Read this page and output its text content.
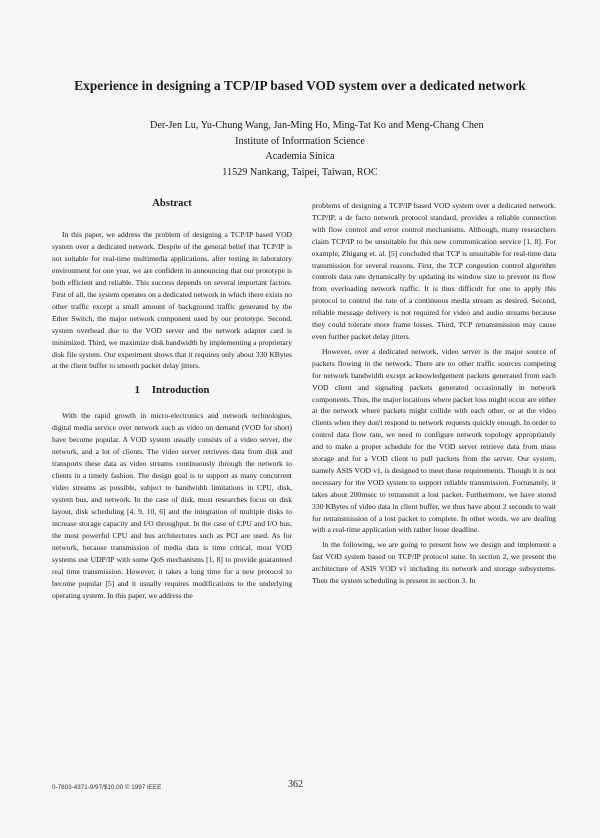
Experience in designing a TCP/IP based VOD system over a dedicated network
Der-Jen Lu, Yu-Chung Wang, Jan-Ming Ho, Ming-Tat Ko and Meng-Chang Chen
Institute of Information Science
Academia Sinica
11529 Nankang, Taipei, Taiwan, ROC
Abstract

In this paper, we address the problem of designing a TCP/IP based VOD system over a dedicated network. Despite of the general belief that TCP/IP is not suitable for real-time multimedia applications, after testing in laboratory environment for one year, we are confident in announcing that our prototype is both efficient and reliable. This success depends on several important factors. First of all, the system operates on a dedicated network in which there exists no other traffic except a small amount of background traffic generated by the Ether Switch, the major network component used by our prototype. Second, system overhead due to the VOD server and the network adapter card is minimized. Third, we maximize disk bandwidth by implementing a proprietary disk file system. Our experiment shows that it requires only about 330 KBytes at the client buffer to smooth packet delay jitters.

1 Introduction

With the rapid growth in micro-electronics and network technologies, digital media service over network such as video on demand (VOD for short) have become popular. A VOD system usually consists of a video server, the network, and a lot of clients. The video server retrieves data from disk and transports these data as video streams continuously through the network to clients in a timely fashion. The design goal is to support as many concurrent video streams as possible, subject to bandwidth limitations in CPU, disk, system bus, and network. In the case of disk, most researches focus on disk layout, disk scheduling [4, 9, 10, 6] and the integration of multiple disks to increase storage capacity and I/O throughput. In the case of CPU and I/O bus, the most powerful CPU and bus architectures such as PCI are used. As for network, because transmission of media data is time critical, most VOD systems use UDP/IP with some QoS mechanisms [1, 8] to provide guaranteed real time transmission. However, it takes a long time for a new protocol to become popular [5] and it usually requires modifications to the underlying operating system. In this paper, we address the

problems of designing a TCP/IP based VOD system over a dedicated network. TCP/IP, a de facto network protocol standard, provides a reliable connection with flow control and error control mechanisms. Although, many researchers claim TCP/IP to be unsuitable for this new communication service [1, 8]. For example, Zhigang et. al. [5] concluded that TCP is unsuitable for real-time data transmission for several reasons. First, the TCP congestion control algorithm controls data rate dynamically by updating its window size to prevent its flow from overloading network traffic. It is thus difficult for one to apply this protocol to control the rate of a continuous media stream as desired. Second, reliable message delivery is not required for video and audio streams because they could tolerate more frame losses. Third, TCP retransmission may cause even further packet delay jitters.

However, over a dedicated network, video server is the major source of packets flowing in the network. There are no other traffic sources competing for network bandwidth except acknowledgement packets generated from each VOD client and signaling packets generated occasionally in network components. Thus, the major locations where packet loss might occur are either at the network where packets might collide with each other, or at the video clients when they don't respond to network requests quickly enough. In order to control data flow rate, we need to configure network topology appropriately and to make a proper schedule for the VOD server retrieve data from mass storage and for a VOD client to pull packets from the server. Our system, namely ASIS VOD v1, is designed to meet these requirements. Though it is not necessary for the VOD system to support reliable transmission. Fortunately, it takes about 200msec to retransmit a lost packet. Furthermore, we have stored 330 KBytes of video data in client buffer, we thus have about 2 seconds to wait for retransmission of a lost packet to complete. In other words, we are dealing with a real-time application with rather loose deadline.

In the following, we are going to present how we design and implement a fast VOD system based on TCP/IP protocol suite. In section 2, we present the architecture of ASIS VOD v1 including its network and storage subsystems. Then the system scheduling is present in section 3. In

0-7803-4371-9/97/$10.00 © 1997 IEEE	362
